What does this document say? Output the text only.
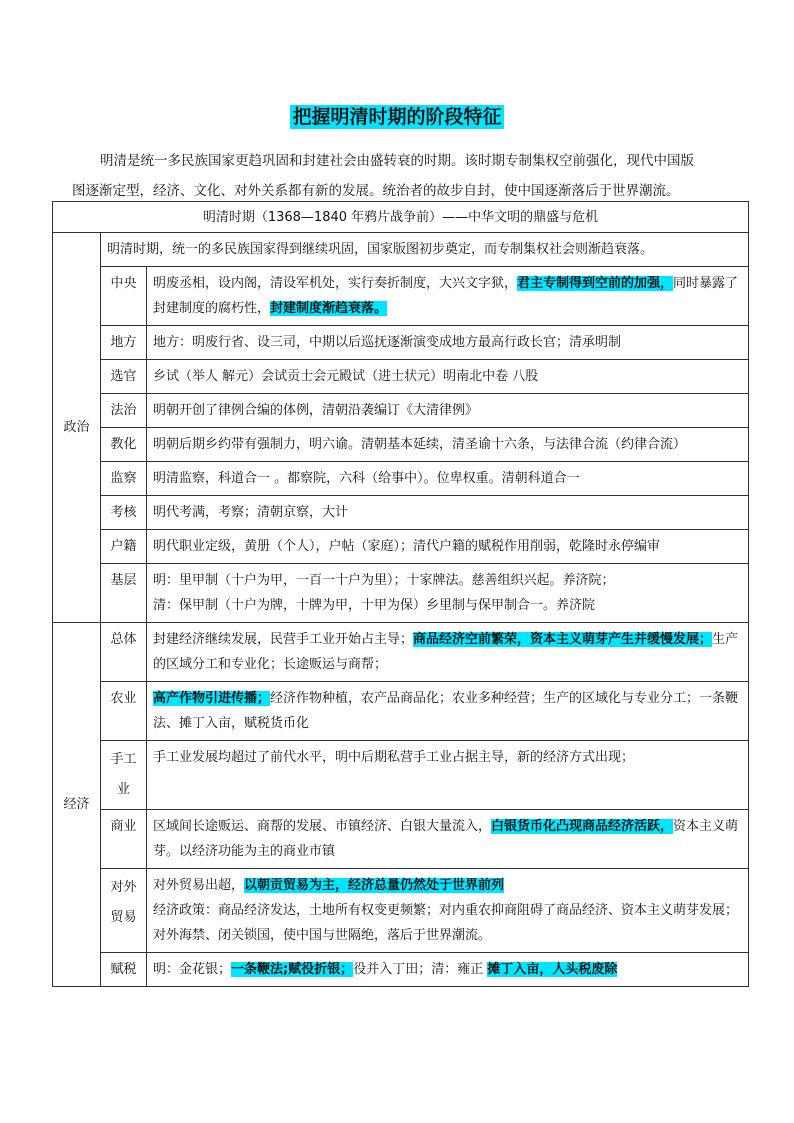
把握明清时期的阶段特征

明清是统一多民族国家更趋巩固和封建社会由盛转衰的时期。该时期专制集权空前强化，现代中国版

图逐渐定型，经济、文化、对外关系都有新的发展。统治者的故步自封，使中国逐渐落后于世界潮流。

明清时期（1368—1840 年鸦片战争前）——中华文明的鼎盛与危机		
政治	明清时期，统一的多民族国家得到继续巩固，国家版图初步奠定，而专制集权社会则渐趋衰落。	
	中央	明废丞相，设内阁，清设军机处，实行奏折制度，大兴文字狱，君主专制得到空前的加强，同时暴露了封建制度的腐朽性，封建制度渐趋衰落。
	地方	地方：明废行省、设三司，中期以后巡抚逐渐演变成地方最高行政长官；清承明制
	选官	乡试（举人 解元）会试贡士会元殿试（进士状元）明南北中卷 八股
	法治	明朝开创了律例合编的体例，清朝沿袭编订《大清律例》
	教化	明朝后期乡约带有强制力，明六谕。清朝基本延续，清圣谕十六条，与法律合流（约律合流）
	监察	明清监察，科道合一 。都察院，六科（给事中）。位卑权重。清朝科道合一
	考核	明代考满，考察；清朝京察，大计
	户籍	明代职业定级，黄册（个人），户帖（家庭）；清代户籍的赋税作用削弱，乾隆时永停编审
	基层	明：里甲制（十户为甲，一百一十户为里）；十家牌法。慈善组织兴起。养济院；
清：保甲制（十户为牌，十牌为甲，十甲为保）乡里制与保甲制合一。养济院

经济	总体	封建经济继续发展，民营手工业开始占主导；商品经济空前繁荣，资本主义萌芽产生并缓慢发展；生产的区域分工和专业化；长途贩运与商帮；
	农业	高产作物引进传播；经济作物种植，农产品商品化；农业多种经营；生产的区域化与专业分工；一条鞭法、摊丁入亩，赋税货币化
	手工业	手工业发展均超过了前代水平，明中后期私营手工业占据主导，新的经济方式出现；
	商业	区域间长途贩运、商帮的发展、市镇经济、白银大量流入，白银货币化凸现商品经济活跃，资本主义萌芽。以经济功能为主的商业市镇
	对外贸易	对外贸易出超，以朝贡贸易为主，经济总量仍然处于世界前列
经济政策：商品经济发达，土地所有权变更频繁；对内重农抑商阻碍了商品经济、资本主义萌芽发展；对外海禁、闭关锁国，使中国与世隔绝，落后于世界潮流。

	赋税	明：金花银；一条鞭法;赋役折银；役并入丁田；清：雍正 摊丁入亩，人头税废除
